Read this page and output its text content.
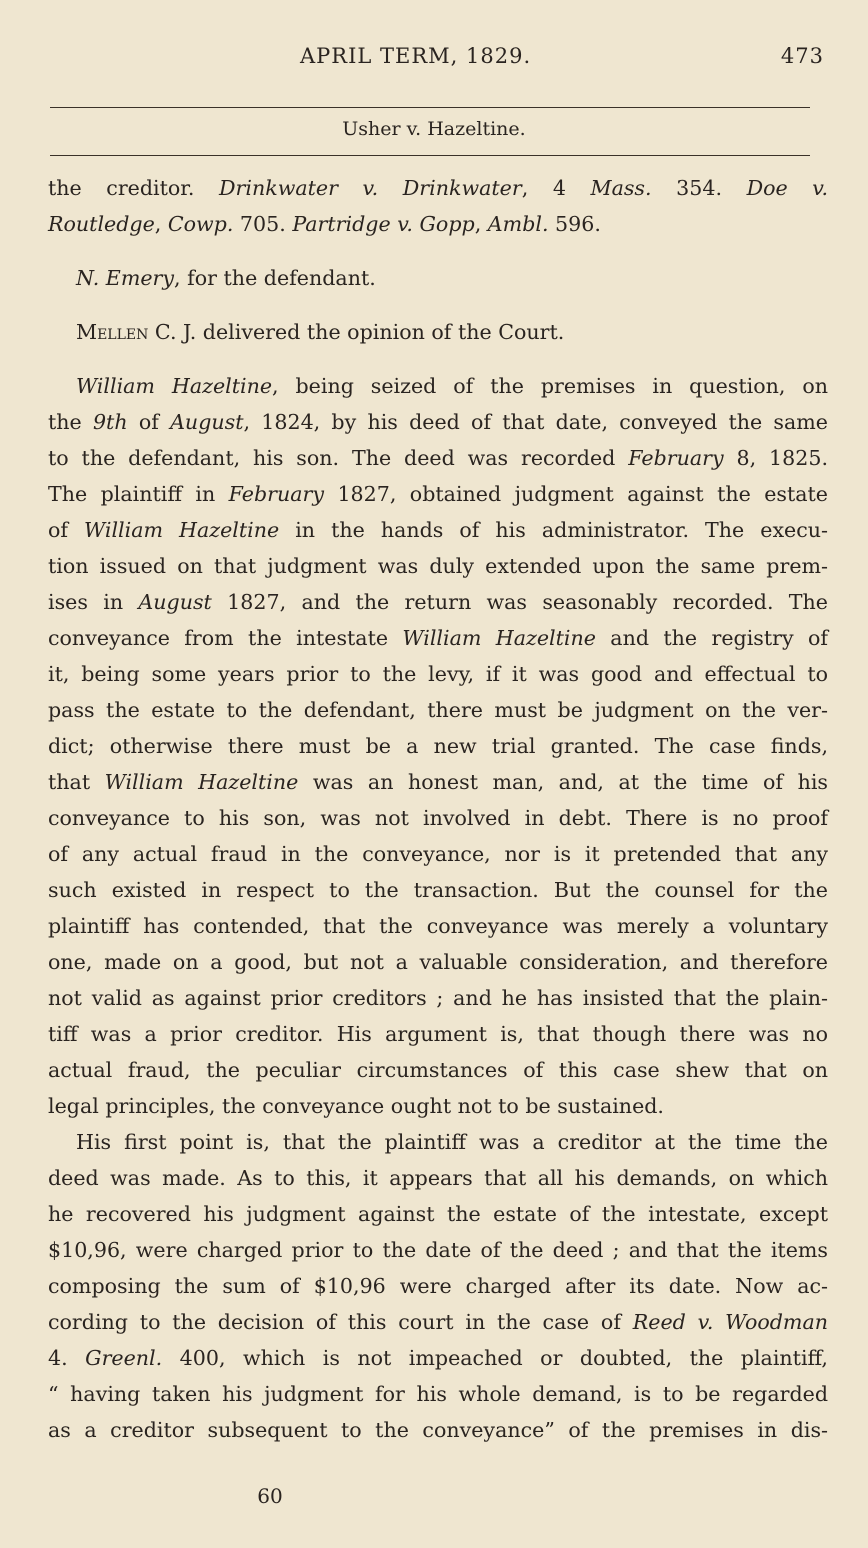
APRIL TERM, 1829.	473
Usher v. Hazeltine.

the creditor. Drinkwater v. Drinkwater, 4 Mass. 354. Doe v.
Routledge, Cowp. 705. Partridge v. Gopp, Ambl. 596.

N. Emery, for the defendant.

Mellen C. J. delivered the opinion of the Court.

William Hazeltine, being seized of the premises in question, on
the 9th of August, 1824, by his deed of that date, conveyed the same
to the defendant, his son. The deed was recorded February 8, 1825.
The plaintiff in February 1827, obtained judgment against the estate
of William Hazeltine in the hands of his administrator. The execu-
tion issued on that judgment was duly extended upon the same prem-
ises in August 1827, and the return was seasonably recorded. The
conveyance from the intestate William Hazeltine and the registry of
it, being some years prior to the levy, if it was good and effectual to
pass the estate to the defendant, there must be judgment on the ver-
dict; otherwise there must be a new trial granted. The case finds,
that William Hazeltine was an honest man, and, at the time of his
conveyance to his son, was not involved in debt. There is no proof
of any actual fraud in the conveyance, nor is it pretended that any
such existed in respect to the transaction. But the counsel for the
plaintiff has contended, that the conveyance was merely a voluntary
one, made on a good, but not a valuable consideration, and therefore
not valid as against prior creditors ; and he has insisted that the plain-
tiff was a prior creditor. His argument is, that though there was no
actual fraud, the peculiar circumstances of this case shew that on
legal principles, the conveyance ought not to be sustained.

His first point is, that the plaintiff was a creditor at the time the
deed was made. As to this, it appears that all his demands, on which
he recovered his judgment against the estate of the intestate, except
$10,96, were charged prior to the date of the deed ; and that the items
composing the sum of $10,96 were charged after its date. Now ac-
cording to the decision of this court in the case of Reed v. Woodman
4. Greenl. 400, which is not impeached or doubted, the plaintiff,
“ having taken his judgment for his whole demand, is to be regarded
as a creditor subsequent to the conveyance” of the premises in dis-

60
